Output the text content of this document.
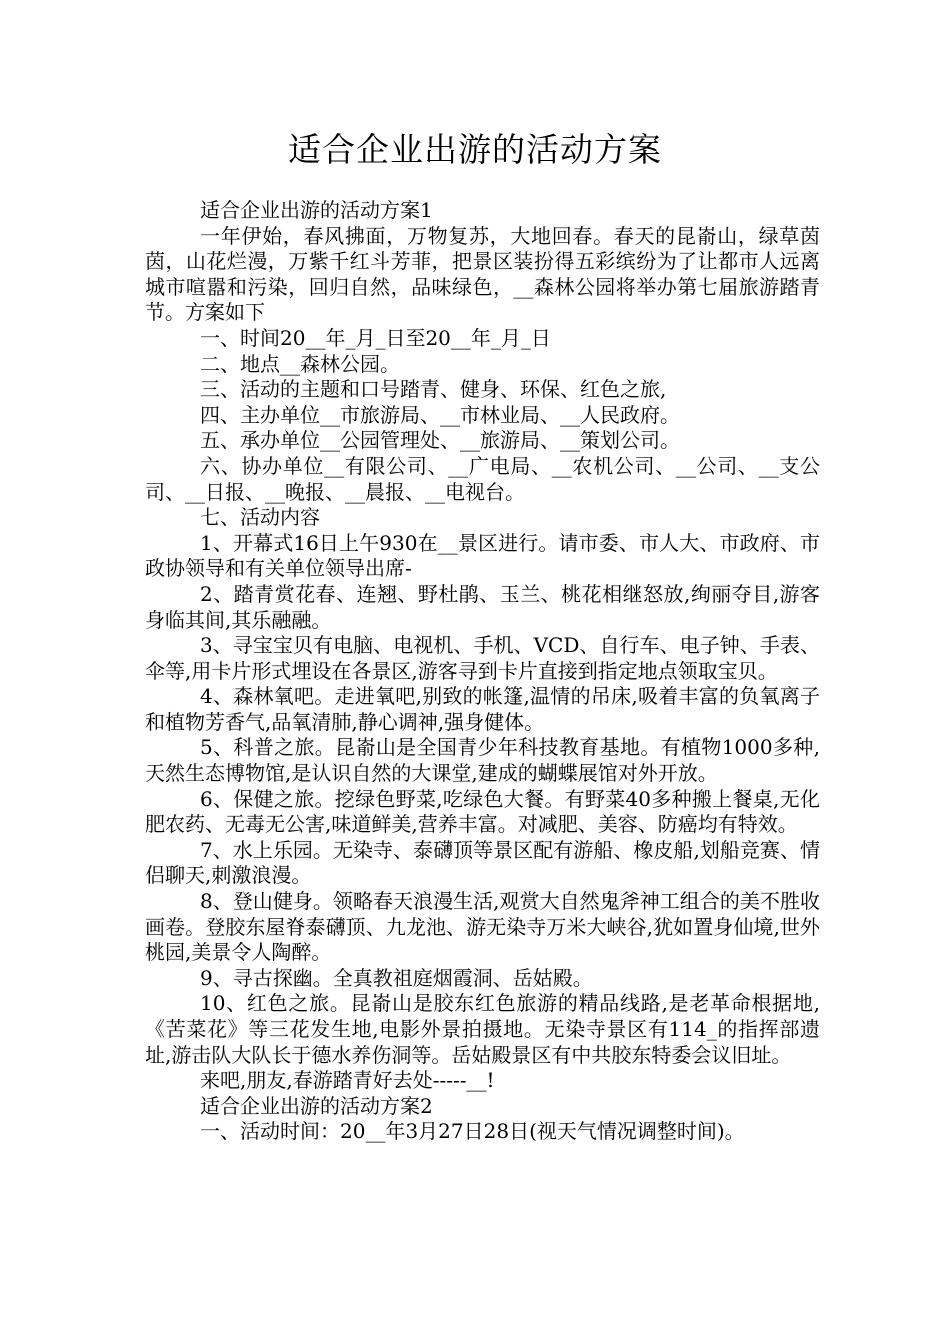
适合企业出游的活动方案

适合企业出游的活动方案1

一年伊始，春风拂面，万物复苏，大地回春。春天的昆嵛山，绿草茵茵，山花烂漫，万紫千红斗芳菲，把景区装扮得五彩缤纷为了让都市人远离城市喧嚣和污染，回归自然，品味绿色，__森林公园将举办第七届旅游踏青节。方案如下

一、时间20__年_月_日至20__年_月_日

二、地点__森林公园。

三、活动的主题和口号踏青、健身、环保、红色之旅,

四、主办单位__市旅游局、__市林业局、__人民政府。

五、承办单位__公园管理处、__旅游局、__策划公司。

六、协办单位__有限公司、__广电局、__农机公司、__公司、__支公司、__日报、__晚报、__晨报、__电视台。

七、活动内容

1、开幕式16日上午930在__景区进行。请市委、市人大、市政府、市政协领导和有关单位领导出席-

2、踏青赏花春、连翘、野杜鹃、玉兰、桃花相继怒放,绚丽夺目,游客身临其间,其乐融融。

3、寻宝宝贝有电脑、电视机、手机、VCD、自行车、电子钟、手表、伞等,用卡片形式埋设在各景区,游客寻到卡片直接到指定地点领取宝贝。

4、森林氧吧。走进氧吧,别致的帐篷,温情的吊床,吸着丰富的负氧离子和植物芳香气,品氧清肺,静心调神,强身健体。

5、科普之旅。昆嵛山是全国青少年科技教育基地。有植物1000多种,天然生态博物馆,是认识自然的大课堂,建成的蝴蝶展馆对外开放。

6、保健之旅。挖绿色野菜,吃绿色大餐。有野菜40多种搬上餐桌,无化肥农药、无毒无公害,味道鲜美,营养丰富。对减肥、美容、防癌均有特效。

7、水上乐园。无染寺、泰礴顶等景区配有游船、橡皮船,划船竞赛、情侣聊天,刺激浪漫。

8、登山健身。领略春天浪漫生活,观赏大自然鬼斧神工组合的美不胜收画卷。登胶东屋脊泰礴顶、九龙池、游无染寺万米大峡谷,犹如置身仙境,世外桃园,美景令人陶醉。

9、寻古探幽。全真教祖庭烟霞洞、岳姑殿。

10、红色之旅。昆嵛山是胶东红色旅游的精品线路,是老革命根据地,《苦菜花》等三花发生地,电影外景拍摄地。无染寺景区有114_的指挥部遗址,游击队大队长于德水养伤洞等。岳姑殿景区有中共胶东特委会议旧址。

来吧,朋友,春游踏青好去处-----__!

适合企业出游的活动方案2

一、活动时间：20__年3月27日28日(视天气情况调整时间)。
